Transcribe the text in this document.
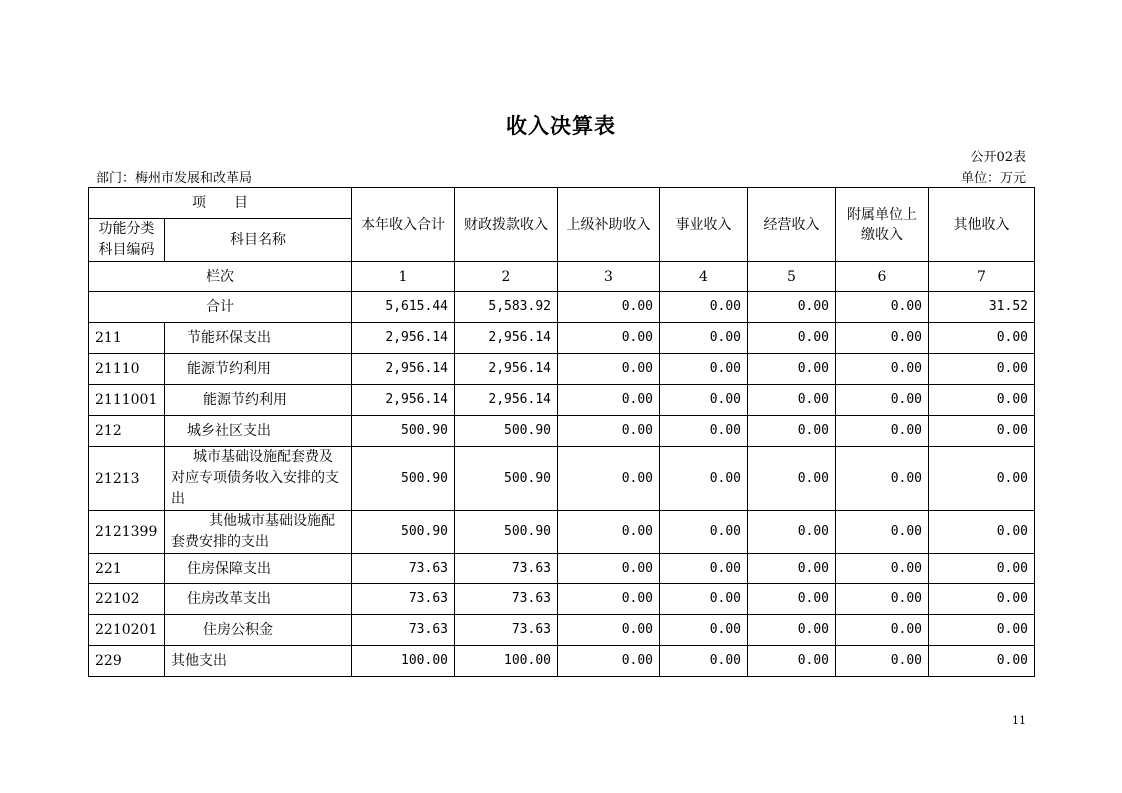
收入决算表
公开02表
部门：梅州市发展和改革局	单位：万元
项　　目		本年收入合计	财政拨款收入	上级补助收入	事业收入	经营收入	附属单位上缴收入	其他收入
功能分类科目编码	科目名称							
栏次		1	2	3	4	5	6	7
合计		5,615.44	5,583.92	0.00	0.00	0.00	0.00	31.52
211	节能环保支出	2,956.14	2,956.14	0.00	0.00	0.00	0.00	0.00
21110	能源节约利用	2,956.14	2,956.14	0.00	0.00	0.00	0.00	0.00
2111001	能源节约利用	2,956.14	2,956.14	0.00	0.00	0.00	0.00	0.00
212	城乡社区支出	500.90	500.90	0.00	0.00	0.00	0.00	0.00
21213	城市基础设施配套费及对应专项债务收入安排的支出	500.90	500.90	0.00	0.00	0.00	0.00	0.00
2121399	其他城市基础设施配套费安排的支出	500.90	500.90	0.00	0.00	0.00	0.00	0.00
221	住房保障支出	73.63	73.63	0.00	0.00	0.00	0.00	0.00
22102	住房改革支出	73.63	73.63	0.00	0.00	0.00	0.00	0.00
2210201	住房公积金	73.63	73.63	0.00	0.00	0.00	0.00	0.00
229	其他支出	100.00	100.00	0.00	0.00	0.00	0.00	0.00
11
